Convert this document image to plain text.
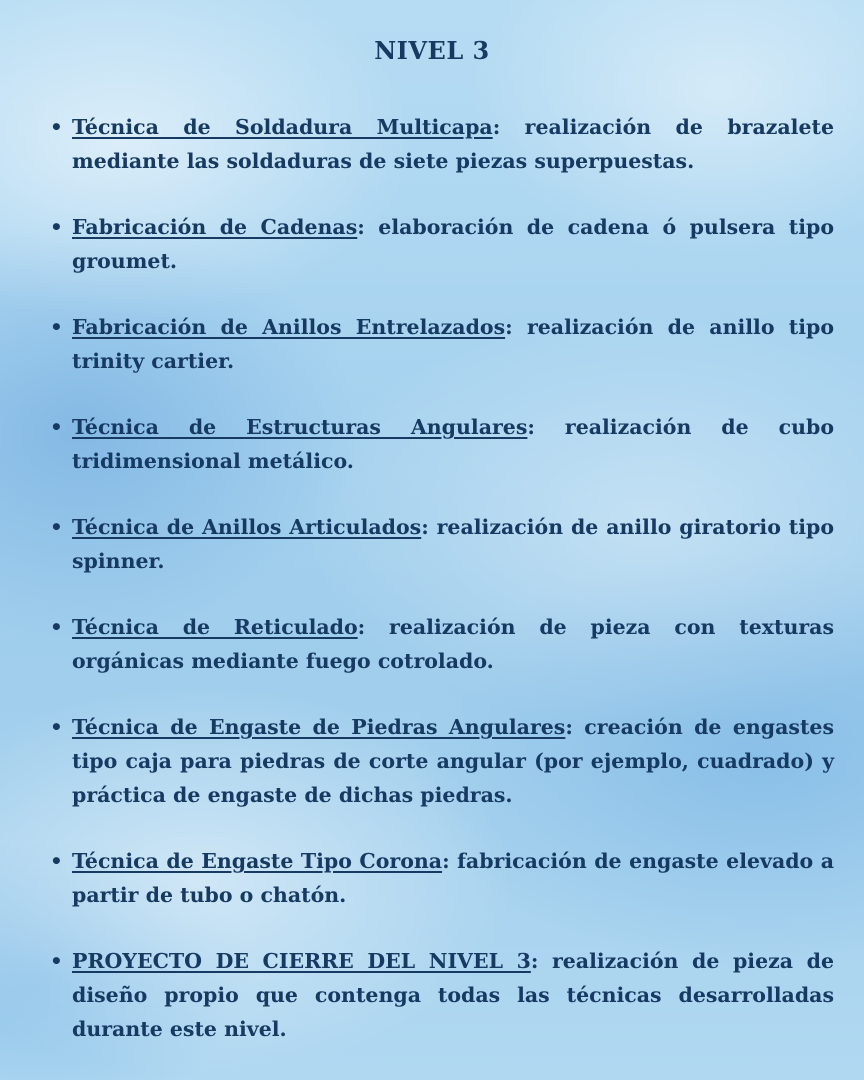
NIVEL 3
• Técnica de Soldadura Multicapa: realización de brazalete mediante las soldaduras de siete piezas superpuestas.
• Fabricación de Cadenas: elaboración de cadena ó pulsera tipo groumet.
• Fabricación de Anillos Entrelazados: realización de anillo tipo trinity cartier.
• Técnica de Estructuras Angulares: realización de cubo tridimensional metálico.
• Técnica de Anillos Articulados: realización de anillo giratorio tipo spinner.
• Técnica de Reticulado: realización de pieza con texturas orgánicas mediante fuego cotrolado.
• Técnica de Engaste de Piedras Angulares: creación de engastes tipo caja para piedras de corte angular (por ejemplo, cuadrado) y práctica de engaste de dichas piedras.
• Técnica de Engaste Tipo Corona: fabricación de engaste elevado a partir de tubo o chatón.
• PROYECTO DE CIERRE DEL NIVEL 3: realización de pieza de diseño propio que contenga todas las técnicas desarrolladas durante este nivel.
